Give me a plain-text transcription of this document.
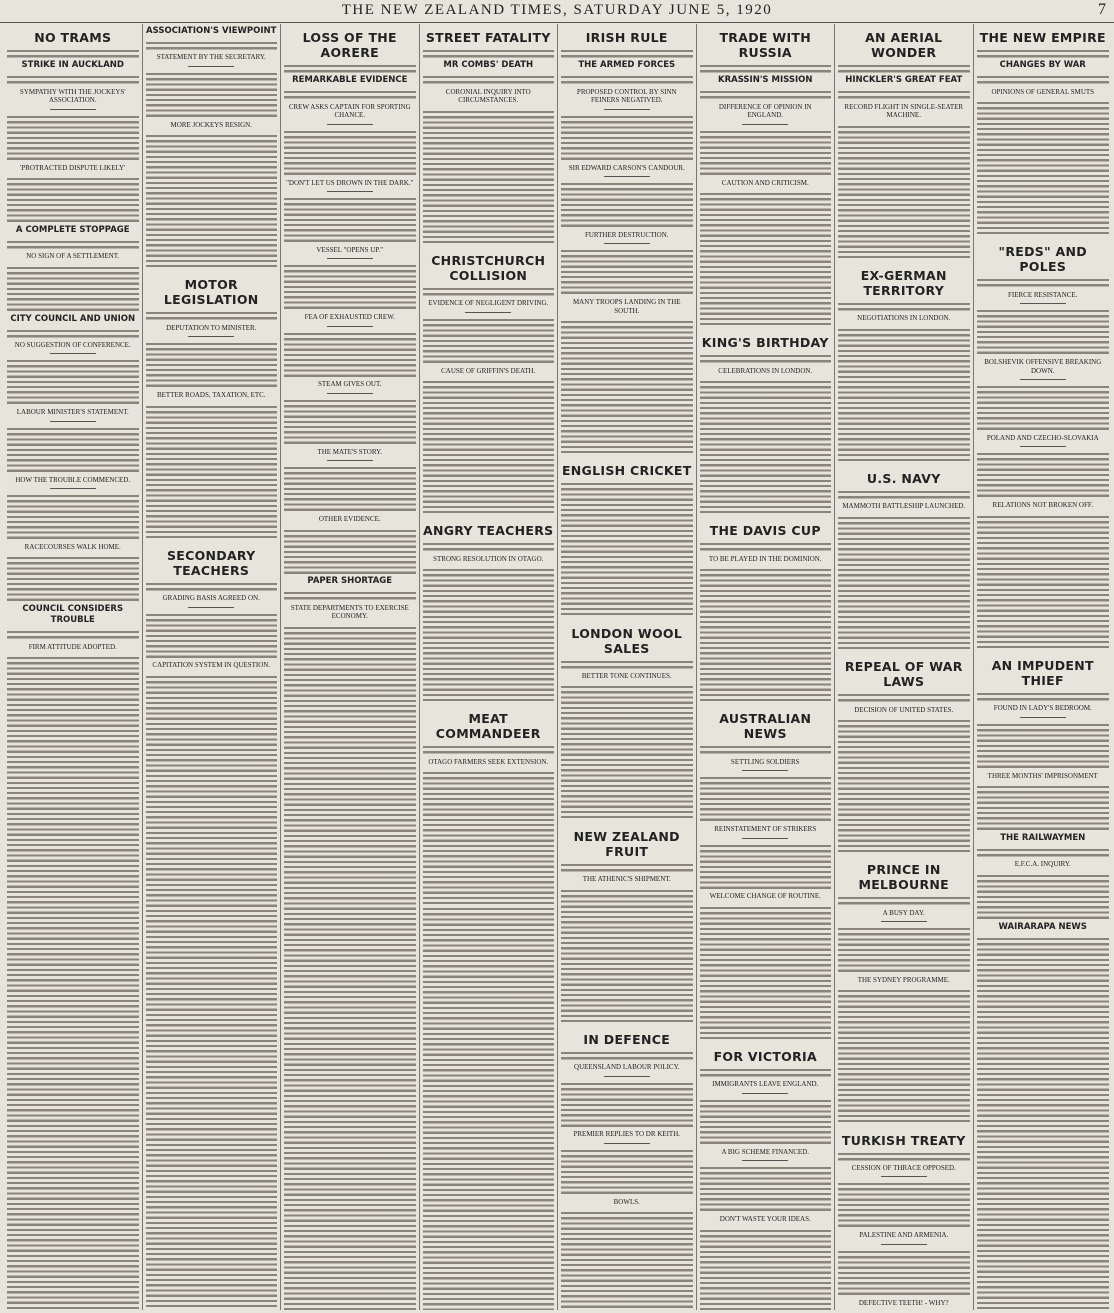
THE NEW ZEALAND TIMES, SATURDAY JUNE 5, 1920	7
NO TRAMS
STRIKE IN AUCKLAND
SYMPATHY WITH THE JOCKEYS' ASSOCIATION.
'PROTRACTED DISPUTE LIKELY'
A COMPLETE STOPPAGE
NO SIGN OF A SETTLEMENT.
CITY COUNCIL AND UNION
NO SUGGESTION OF CONFERENCE.
LABOUR MINISTER'S STATEMENT.
HOW THE TROUBLE COMMENCED.
RACECOURSES WALK HOME.
COUNCIL CONSIDERS TROUBLE
FIRM ATTITUDE ADOPTED.
ASSOCIATION'S VIEWPOINT
STATEMENT BY THE SECRETARY.
MORE JOCKEYS RESIGN.
MOTOR LEGISLATION
DEPUTATION TO MINISTER.
BETTER ROADS, TAXATION, ETC.
SECONDARY TEACHERS
GRADING BASIS AGREED ON.
CAPITATION SYSTEM IN QUESTION.
LOSS OF THE AORERE
REMARKABLE EVIDENCE
CREW ASKS CAPTAIN FOR SPORTING CHANCE.
"DON'T LET US DROWN IN THE DARK."
VESSEL "OPENS UP."
FEA OF EXHAUSTED CREW.
STEAM GIVES OUT.
THE MATE'S STORY.
OTHER EVIDENCE.
PAPER SHORTAGE
STATE DEPARTMENTS TO EXERCISE ECONOMY.
STREET FATALITY
MR COMBS' DEATH
CORONIAL INQUIRY INTO CIRCUMSTANCES.
CHRISTCHURCH COLLISION
EVIDENCE OF NEGLIGENT DRIVING.
CAUSE OF GRIFFIN'S DEATH.
ANGRY TEACHERS
STRONG RESOLUTION IN OTAGO.
MEAT COMMANDEER
OTAGO FARMERS SEEK EXTENSION.
IRISH RULE
THE ARMED FORCES
PROPOSED CONTROL BY SINN FEINERS NEGATIVED.
SIR EDWARD CARSON'S CANDOUR.
FURTHER DESTRUCTION.
MANY TROOPS LANDING IN THE SOUTH.
ENGLISH CRICKET
LONDON WOOL SALES
BETTER TONE CONTINUES.
NEW ZEALAND FRUIT
THE ATHENIC'S SHIPMENT.
IN DEFENCE
QUEENSLAND LABOUR POLICY.
PREMIER REPLIES TO DR KEITH.
BOWLS.
TRADE WITH RUSSIA
KRASSIN'S MISSION
DIFFERENCE OF OPINION IN ENGLAND.
CAUTION AND CRITICISM.
KING'S BIRTHDAY
CELEBRATIONS IN LONDON.
THE DAVIS CUP
TO BE PLAYED IN THE DOMINION.
AUSTRALIAN NEWS
SETTLING SOLDIERS
REINSTATEMENT OF STRIKERS
WELCOME CHANGE OF ROUTINE.
FOR VICTORIA
IMMIGRANTS LEAVE ENGLAND.
A BIG SCHEME FINANCED.
DON'T WASTE YOUR IDEAS.
AN AERIAL WONDER
HINCKLER'S GREAT FEAT
RECORD FLIGHT IN SINGLE-SEATER MACHINE.
EX-GERMAN TERRITORY
NEGOTIATIONS IN LONDON.
U.S. NAVY
MAMMOTH BATTLESHIP LAUNCHED.
REPEAL OF WAR LAWS
DECISION OF UNITED STATES.
PRINCE IN MELBOURNE
A BUSY DAY.
THE SYDNEY PROGRAMME.
TURKISH TREATY
CESSION OF THRACE OPPOSED.
PALESTINE AND ARMENIA.
DEFECTIVE TEETH! - WHY?
THE NEW EMPIRE
CHANGES BY WAR
OPINIONS OF GENERAL SMUTS
"REDS" AND POLES
FIERCE RESISTANCE.
BOLSHEVIK OFFENSIVE BREAKING DOWN.
POLAND AND CZECHO-SLOVAKIA
RELATIONS NOT BROKEN OFF.
AN IMPUDENT THIEF
FOUND IN LADY'S BEDROOM.
THREE MONTHS' IMPRISONMENT
THE RAILWAYMEN
E.F.C.A. INQUIRY.
WAIRARAPA NEWS
